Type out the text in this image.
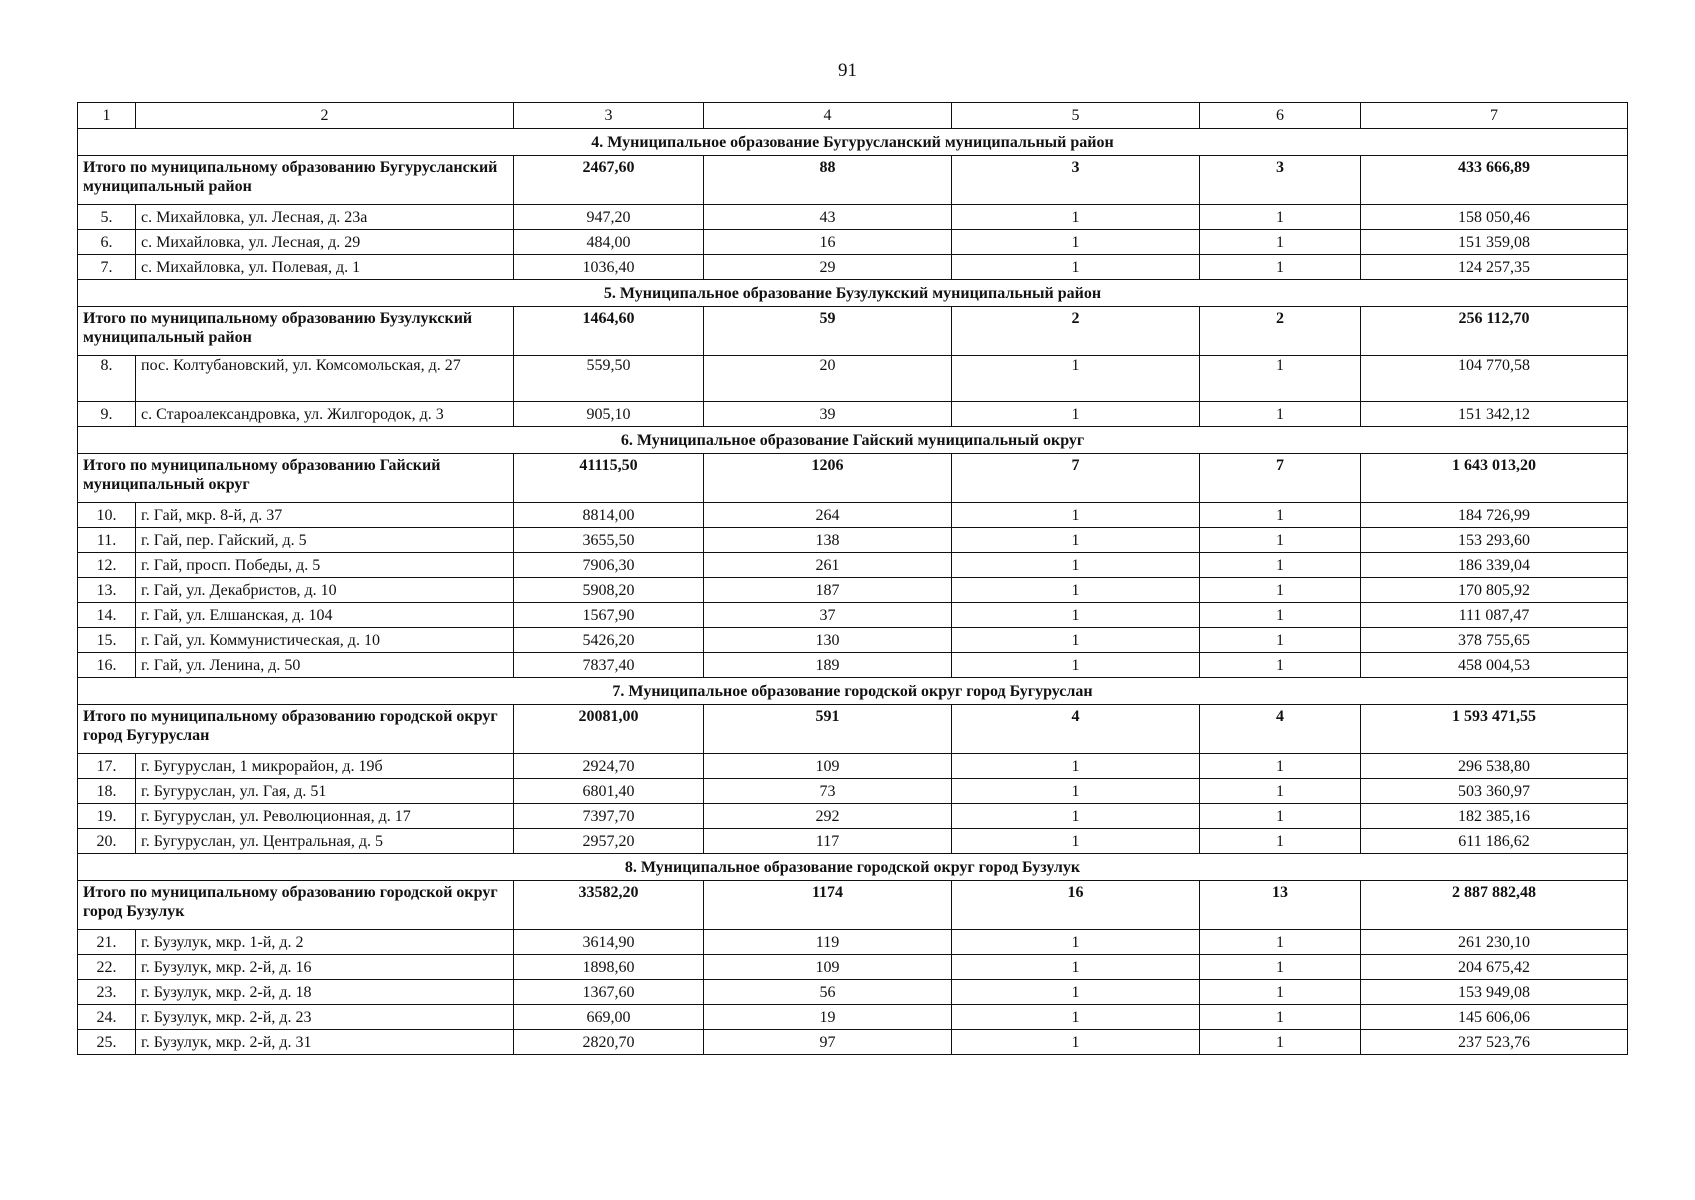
91
1	2	3	4	5	6	7
4. Муниципальное образование Бугурусланский муниципальный район						
Итого по муниципальному образованию Бугурусланский муниципальный район		2467,60	88	3	3	433 666,89
5.	с. Михайловка, ул. Лесная, д. 23а	947,20	43	1	1	158 050,46
6.	с. Михайловка, ул. Лесная, д. 29	484,00	16	1	1	151 359,08
7.	с. Михайловка, ул. Полевая, д. 1	1036,40	29	1	1	124 257,35
5. Муниципальное образование Бузулукский муниципальный район						
Итого по муниципальному образованию Бузулукский муниципальный район		1464,60	59	2	2	256 112,70
8.	пос. Колтубановский, ул. Комсомольская, д. 27	559,50	20	1	1	104 770,58
9.	с. Староалександровка, ул. Жилгородок, д. 3	905,10	39	1	1	151 342,12
6. Муниципальное образование Гайский муниципальный округ						
Итого по муниципальному образованию Гайский муниципальный округ		41115,50	1206	7	7	1 643 013,20
10.	г. Гай, мкр. 8-й, д. 37	8814,00	264	1	1	184 726,99
11.	г. Гай, пер. Гайский, д. 5	3655,50	138	1	1	153 293,60
12.	г. Гай, просп. Победы, д. 5	7906,30	261	1	1	186 339,04
13.	г. Гай, ул. Декабристов, д. 10	5908,20	187	1	1	170 805,92
14.	г. Гай, ул. Елшанская, д. 104	1567,90	37	1	1	111 087,47
15.	г. Гай, ул. Коммунистическая, д. 10	5426,20	130	1	1	378 755,65
16.	г. Гай, ул. Ленина, д. 50	7837,40	189	1	1	458 004,53
7. Муниципальное образование городской округ город Бугуруслан						
Итого по муниципальному образованию городской округ город Бугуруслан		20081,00	591	4	4	1 593 471,55
17.	г. Бугуруслан, 1 микрорайон, д. 19б	2924,70	109	1	1	296 538,80
18.	г. Бугуруслан, ул. Гая, д. 51	6801,40	73	1	1	503 360,97
19.	г. Бугуруслан, ул. Революционная, д. 17	7397,70	292	1	1	182 385,16
20.	г. Бугуруслан, ул. Центральная, д. 5	2957,20	117	1	1	611 186,62
8. Муниципальное образование городской округ город Бузулук						
Итого по муниципальному образованию городской округ город Бузулук		33582,20	1174	16	13	2 887 882,48
21.	г. Бузулук, мкр. 1-й, д. 2	3614,90	119	1	1	261 230,10
22.	г. Бузулук, мкр. 2-й, д. 16	1898,60	109	1	1	204 675,42
23.	г. Бузулук, мкр. 2-й, д. 18	1367,60	56	1	1	153 949,08
24.	г. Бузулук, мкр. 2-й, д. 23	669,00	19	1	1	145 606,06
25.	г. Бузулук, мкр. 2-й, д. 31	2820,70	97	1	1	237 523,76
